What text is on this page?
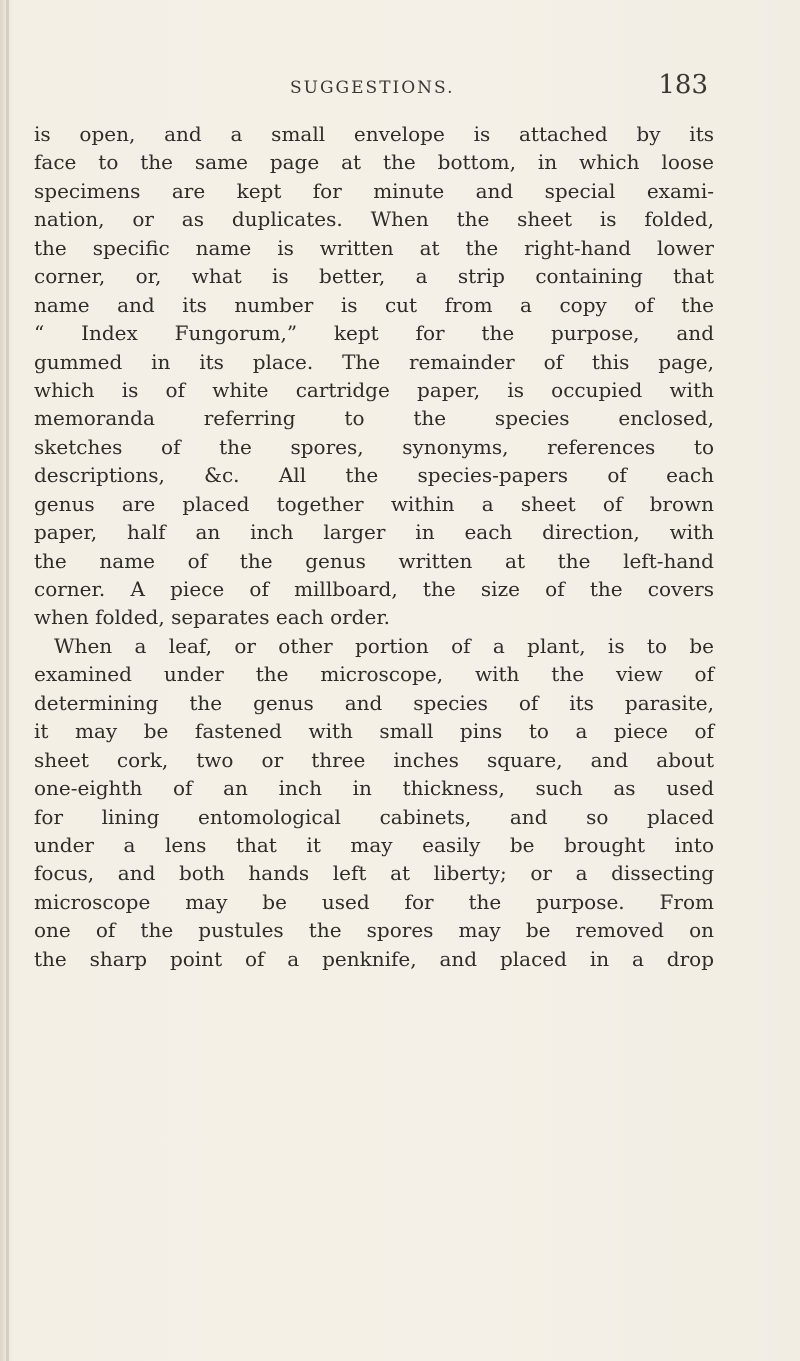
SUGGESTIONS.	183
is open, and a small envelope is attached by its
face to the same page at the bottom, in which loose
specimens are kept for minute and special exami-
nation, or as duplicates. When the sheet is folded,
the specific name is written at the right-hand lower
corner, or, what is better, a strip containing that
name and its number is cut from a copy of the
“ Index Fungorum,” kept for the purpose, and
gummed in its place. The remainder of this page,
which is of white cartridge paper, is occupied with
memoranda referring to the species enclosed,
sketches of the spores, synonyms, references to
descriptions, &c. All the species-papers of each
genus are placed together within a sheet of brown
paper, half an inch larger in each direction, with
the name of the genus written at the left-hand
corner. A piece of millboard, the size of the covers
when folded, separates each order.
When a leaf, or other portion of a plant, is to be
examined under the microscope, with the view of
determining the genus and species of its parasite,
it may be fastened with small pins to a piece of
sheet cork, two or three inches square, and about
one-eighth of an inch in thickness, such as used
for lining entomological cabinets, and so placed
under a lens that it may easily be brought into
focus, and both hands left at liberty; or a dissecting
microscope may be used for the purpose. From
one of the pustules the spores may be removed on
the sharp point of a penknife, and placed in a drop
